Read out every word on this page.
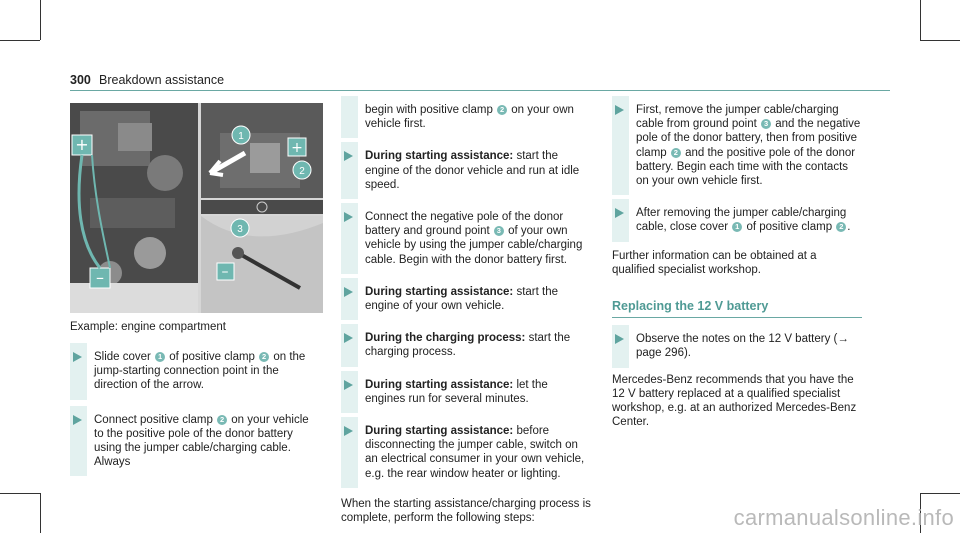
300 Breakdown assistance
+
–
+
1
2
3
–
Example: engine compartment
Slide cover 1 of positive clamp 2 on the jump-starting connection point in the direction of the arrow.
Connect positive clamp 2 on your vehicle to the positive pole of the donor battery using the jumper cable/charging cable. Always
begin with positive clamp 2 on your own vehicle first.
During starting assistance: start the engine of the donor vehicle and run at idle speed.
Connect the negative pole of the donor battery and ground point 3 of your own vehicle by using the jumper cable/charging cable. Begin with the donor battery first.
During starting assistance: start the engine of your own vehicle.
During the charging process: start the charging process.
During starting assistance: let the engines run for several minutes.
During starting assistance: before disconnecting the jumper cable, switch on an electrical consumer in your own vehicle, e.g. the rear window heater or lighting.
When the starting assistance/charging process is complete, perform the following steps:
First, remove the jumper cable/charging cable from ground point 3 and the negative pole of the donor battery, then from positive clamp 2 and the positive pole of the donor battery. Begin each time with the contacts on your own vehicle first.
After removing the jumper cable/charging cable, close cover 1 of positive clamp 2 .
Further information can be obtained at a qualified specialist workshop.
Replacing the 12 V battery
Observe the notes on the 12 V battery (→ page 296).
Mercedes-Benz recommends that you have the 12 V battery replaced at a qualified specialist workshop, e.g. at an authorized Mercedes-Benz Center.
carmanualsonline.info
